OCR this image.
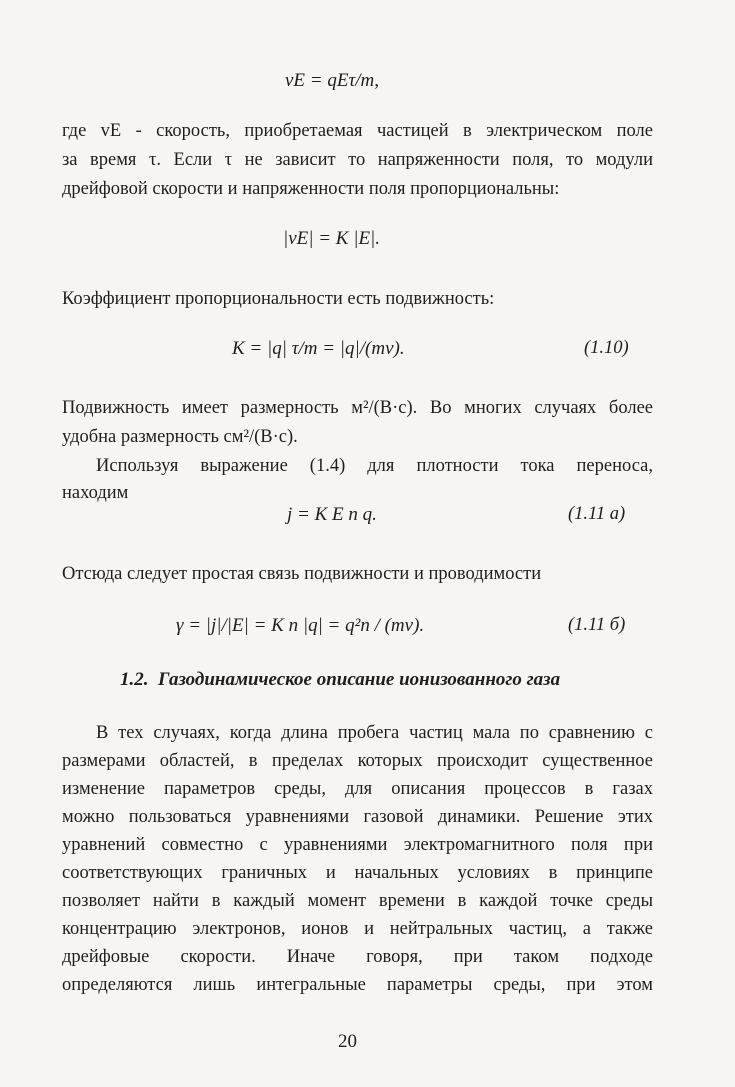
vE = qEτ/m,
где vE - скорость, приобретаемая частицей в электрическом поле
за время τ. Если τ не зависит то напряженности поля, то модули
дрейфовой скорости и напряженности поля пропорциональны:
|vE| = K |E|.
Коэффициент пропорциональности есть подвижность:
K = |q| τ/m = |q|/(mν).	(1.10)
Подвижность имеет размерность м²/(В·с). Во многих случаях более
удобна размерность см²/(В·с).
Используя выражение (1.4) для плотности тока переноса,
находим
j = K E n q.	(1.11 a)
Отсюда следует простая связь подвижности и проводимости
γ = |j|/|E| = K n |q| = q²n / (mν).	(1.11 б)
1.2. Газодинамическое описание ионизованного газа
В тех случаях, когда длина пробега частиц мала по сравнению с
размерами областей, в пределах которых происходит существенное
изменение параметров среды, для описания процессов в газах
можно пользоваться уравнениями газовой динамики. Решение этих
уравнений совместно с уравнениями электромагнитного поля при
соответствующих граничных и начальных условиях в принципе
позволяет найти в каждый момент времени в каждой точке среды
концентрацию электронов, ионов и нейтральных частиц, а также
дрейфовые скорости. Иначе говоря, при таком подходе
определяются лишь интегральные параметры среды, при этом
20
